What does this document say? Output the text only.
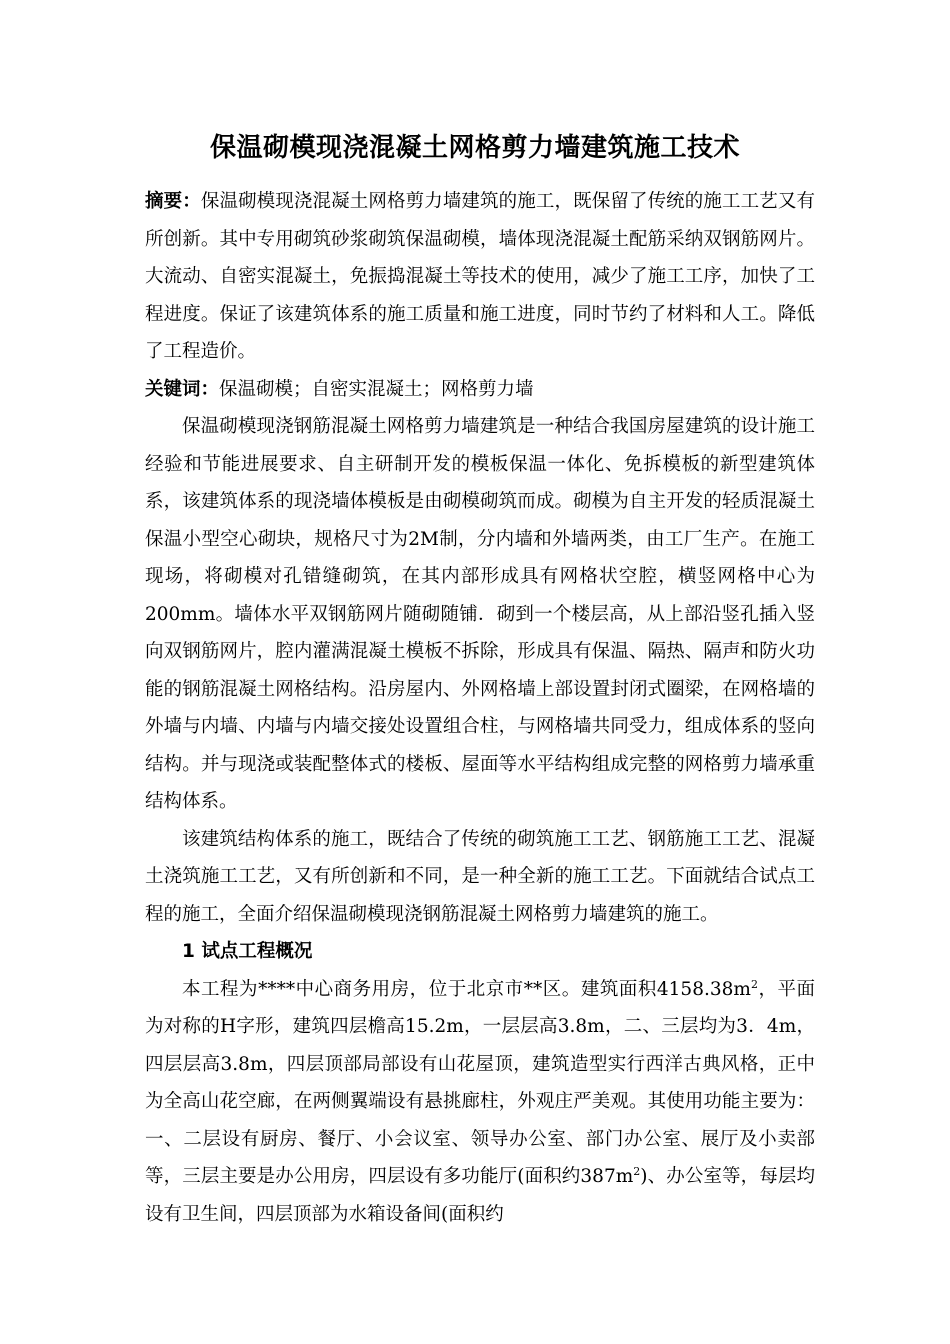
保温砌模现浇混凝土网格剪力墙建筑施工技术

摘要：保温砌模现浇混凝土网格剪力墙建筑的施工，既保留了传统的施工工艺又有所创新。其中专用砌筑砂浆砌筑保温砌模，墙体现浇混凝土配筋采纳双钢筋网片。大流动、自密实混凝土，免振捣混凝土等技术的使用，减少了施工工序，加快了工程进度。保证了该建筑体系的施工质量和施工进度，同时节约了材料和人工。降低了工程造价。

关键词：保温砌模；自密实混凝土；网格剪力墙

保温砌模现浇钢筋混凝土网格剪力墙建筑是一种结合我国房屋建筑的设计施工经验和节能进展要求、自主研制开发的模板保温一体化、免拆模板的新型建筑体系，该建筑体系的现浇墙体模板是由砌模砌筑而成。砌模为自主开发的轻质混凝土保温小型空心砌块，规格尺寸为2M制，分内墙和外墙两类，由工厂生产。在施工现场，将砌模对孔错缝砌筑，在其内部形成具有网格状空腔，横竖网格中心为200mm。墙体水平双钢筋网片随砌随铺．砌到一个楼层高，从上部沿竖孔插入竖向双钢筋网片，腔内灌满混凝土模板不拆除，形成具有保温、隔热、隔声和防火功能的钢筋混凝土网格结构。沿房屋内、外网格墙上部设置封闭式圈梁，在网格墙的外墙与内墙、内墙与内墙交接处设置组合柱，与网格墙共同受力，组成体系的竖向结构。并与现浇或装配整体式的楼板、屋面等水平结构组成完整的网格剪力墙承重结构体系。

该建筑结构体系的施工，既结合了传统的砌筑施工工艺、钢筋施工工艺、混凝土浇筑施工工艺，又有所创新和不同，是一种全新的施工工艺。下面就结合试点工程的施工，全面介绍保温砌模现浇钢筋混凝土网格剪力墙建筑的施工。

1 试点工程概况

本工程为****中心商务用房，位于北京市**区。建筑面积$4158.38m^2$，平面为对称的H字形，建筑四层檐高15.2m，一层层高3.8m，二、三层均为3．4m，四层层高3.8m，四层顶部局部设有山花屋顶，建筑造型实行西洋古典风格，正中为全高山花空廊，在两侧翼端设有悬挑廊柱，外观庄严美观。其使用功能主要为：一、二层设有厨房、餐厅、小会议室、领导办公室、部门办公室、展厅及小卖部等，三层主要是办公用房，四层设有多功能厅(面积约$387m^2$)、办公室等，每层均设有卫生间，四层顶部为水箱设备间(面积约
